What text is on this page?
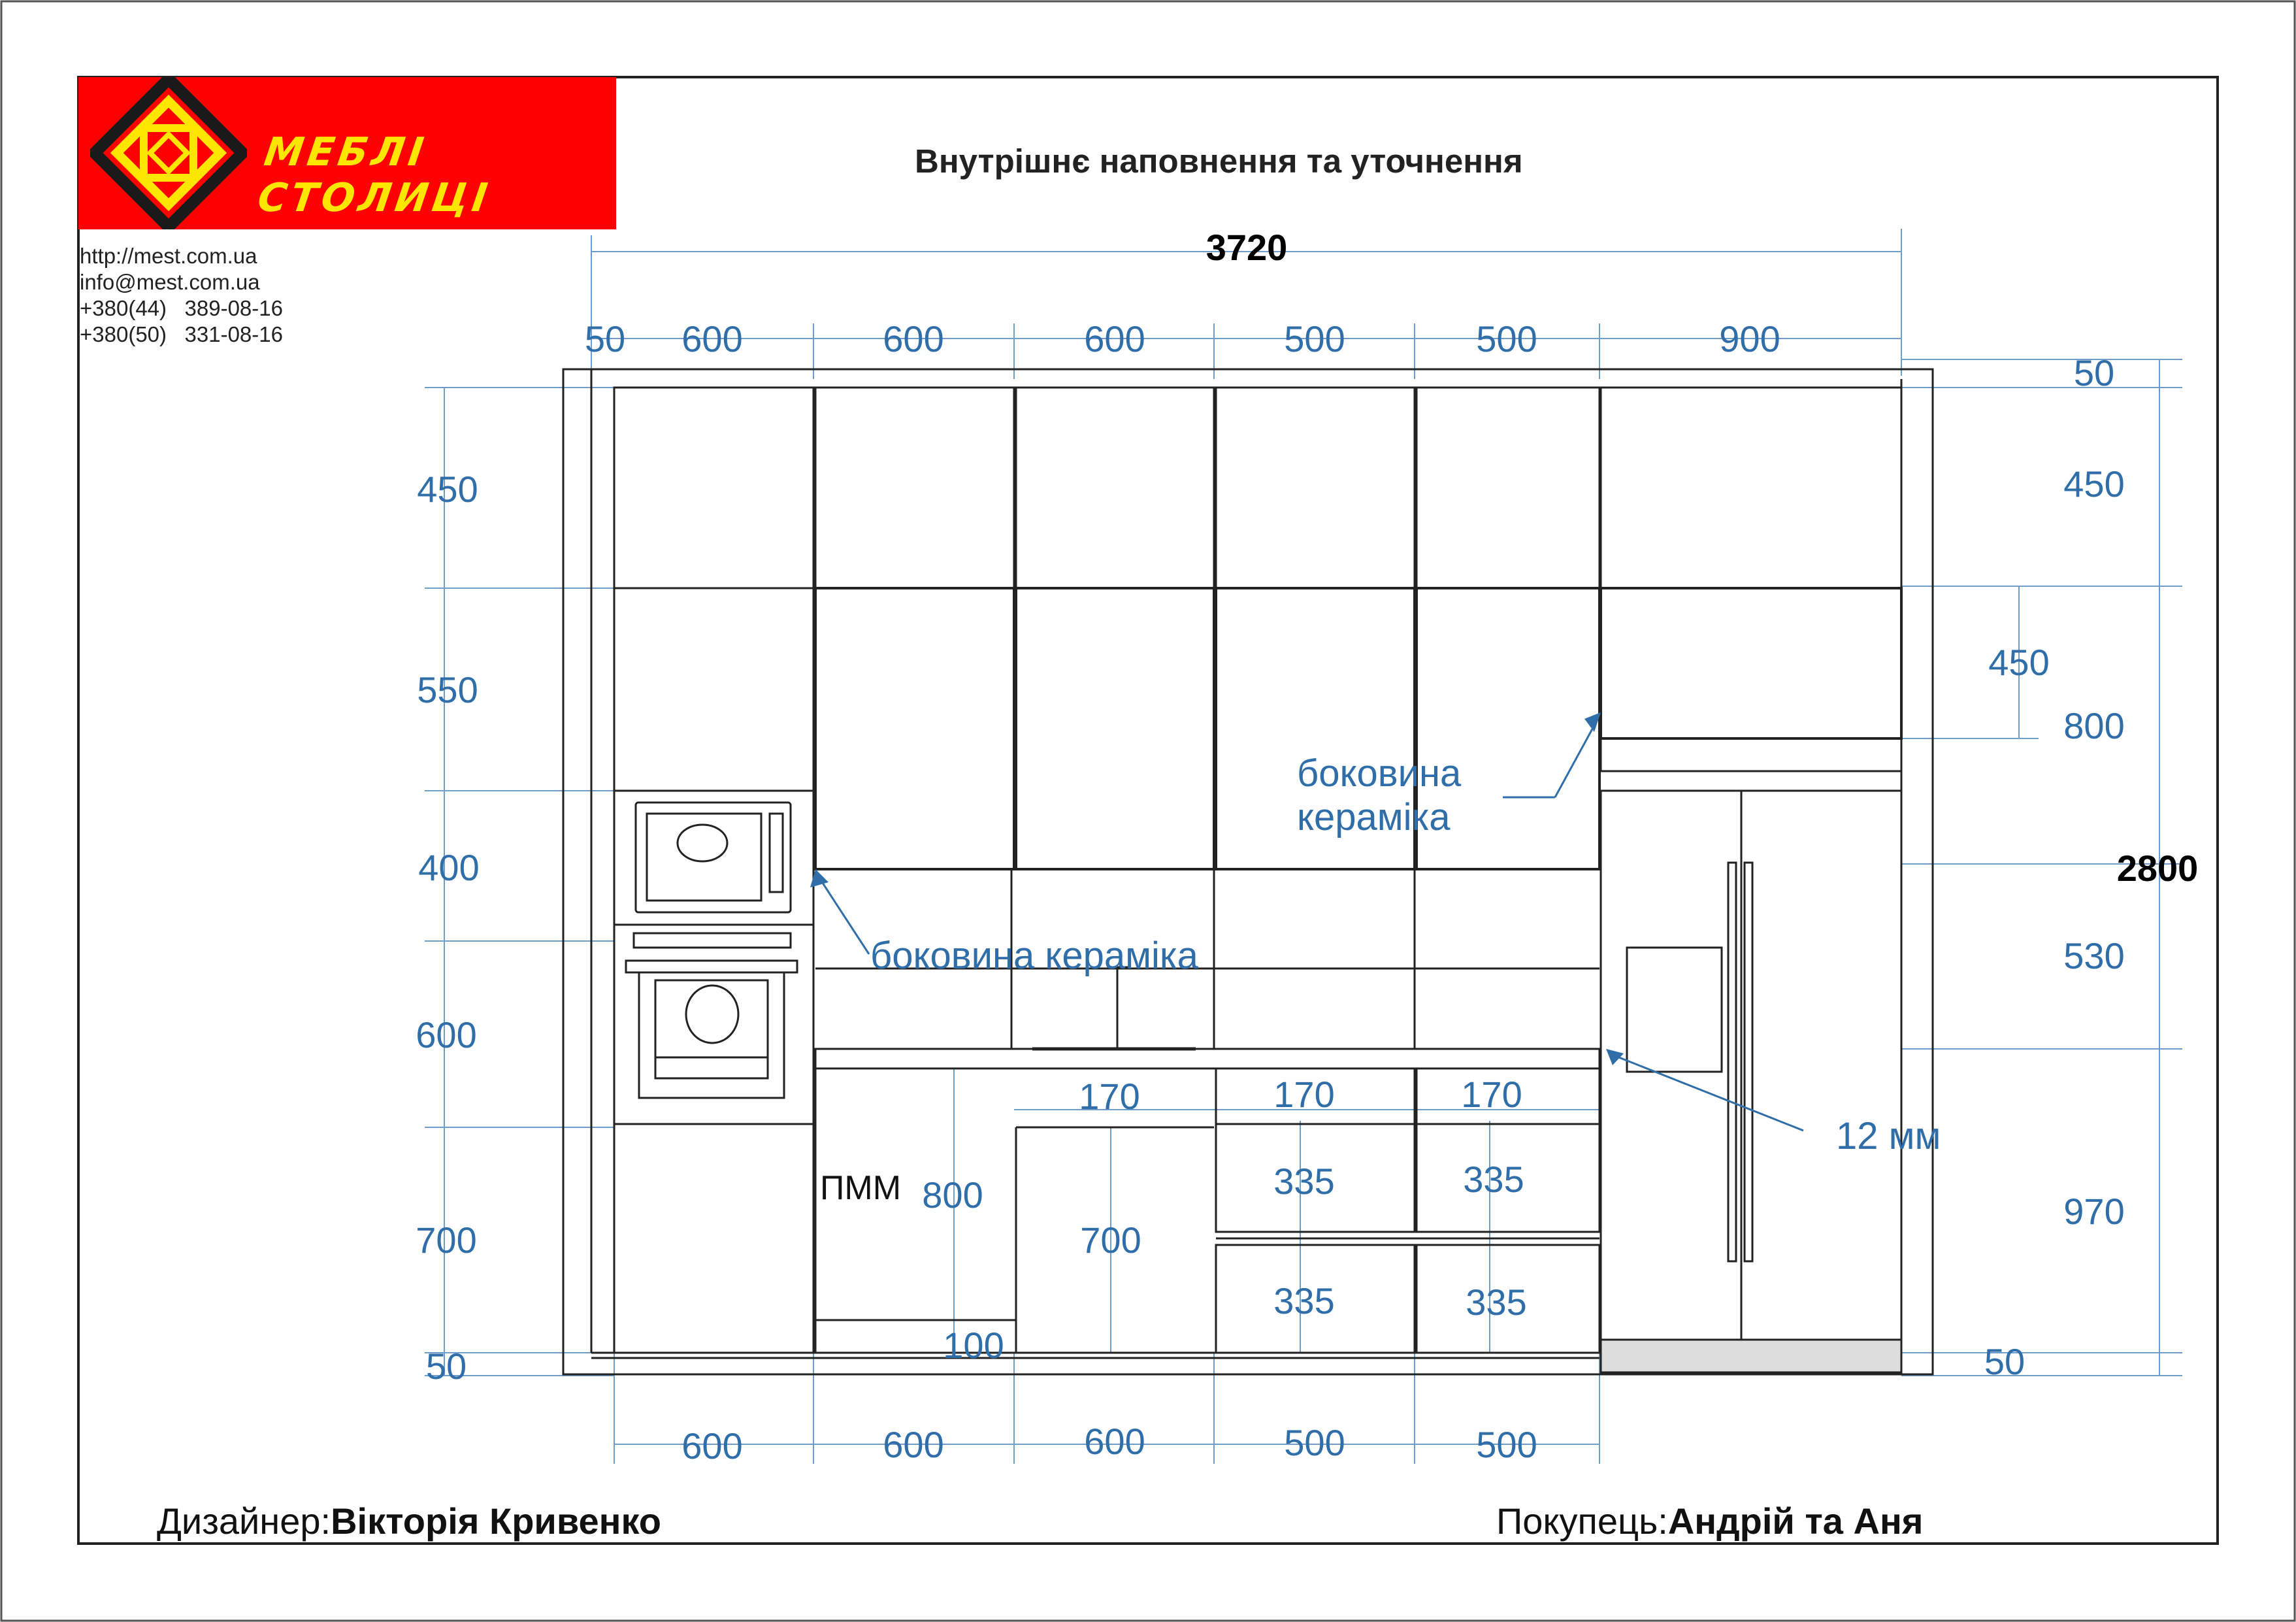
3720
2800
50 600	600	600	500	500	900
600	600	600	500	500
450
550
400
600
700
50
50
450
800
530
970
50
450
170	170	170
335	335
335	335
800
100
700
боковина
кераміка
боковина кераміка
12 мм
ПММ
МЕБЛІ СТОЛИЦІ
http://mest.com.ua
info@mest.com.ua
+380(44)   389-08-16
+380(50)   331-08-16
Внутрішнє наповнення та уточнення
Дизайнер:Вікторія Кривенко	Покупець:Андрій та Аня
